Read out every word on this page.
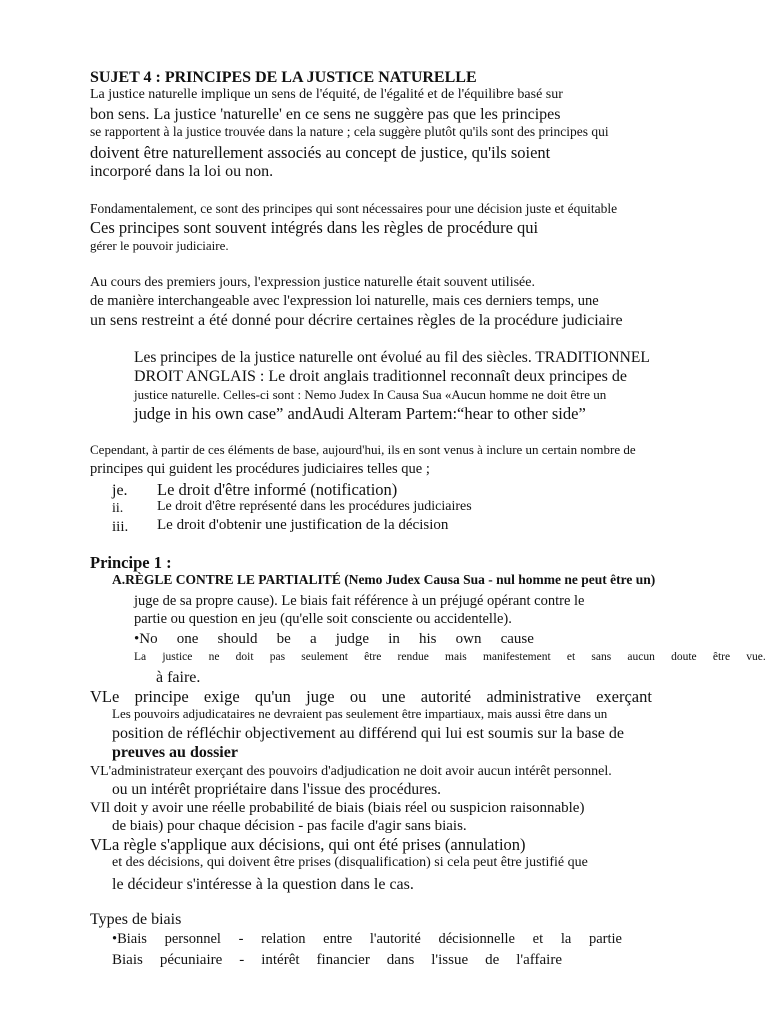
SUJET 4 : PRINCIPES DE LA JUSTICE NATURELLE
La justice naturelle implique un sens de l'équité, de l'égalité et de l'équilibre basé sur
bon sens. La justice 'naturelle' en ce sens ne suggère pas que les principes
se rapportent à la justice trouvée dans la nature ; cela suggère plutôt qu'ils sont des principes qui
doivent être naturellement associés au concept de justice, qu'ils soient
incorporé dans la loi ou non.
Fondamentalement, ce sont des principes qui sont nécessaires pour une décision juste et équitable
Ces principes sont souvent intégrés dans les règles de procédure qui
gérer le pouvoir judiciaire.
Au cours des premiers jours, l'expression justice naturelle était souvent utilisée.
de manière interchangeable avec l'expression loi naturelle, mais ces derniers temps, une
un sens restreint a été donné pour décrire certaines règles de la procédure judiciaire
Les principes de la justice naturelle ont évolué au fil des siècles. TRADITIONNEL
DROIT ANGLAIS : Le droit anglais traditionnel reconnaît deux principes de
justice naturelle. Celles-ci sont : Nemo Judex In Causa Sua «Aucun homme ne doit être un
judge in his own case” andAudi Alteram Partem:“hear to other side”
Cependant, à partir de ces éléments de base, aujourd'hui, ils en sont venus à inclure un certain nombre de
principes qui guident les procédures judiciaires telles que ;
je. Le droit d'être informé (notification)
ii. Le droit d'être représenté dans les procédures judiciaires
iii. Le droit d'obtenir une justification de la décision
Principe 1 :
A.RÈGLE CONTRE LE PARTIALITÉ (Nemo Judex Causa Sua - nul homme ne peut être un)
juge de sa propre cause). Le biais fait référence à un préjugé opérant contre le
partie ou question en jeu (qu'elle soit consciente ou accidentelle).
•No one should be a judge in his own cause
La justice ne doit pas seulement être rendue mais manifestement et sans aucun doute être vue.
à faire.
VLe principe exige qu'un juge ou une autorité administrative exerçant
Les pouvoirs adjudicataires ne devraient pas seulement être impartiaux, mais aussi être dans un
position de réfléchir objectivement au différend qui lui est soumis sur la base de
preuves au dossier
VL'administrateur exerçant des pouvoirs d'adjudication ne doit avoir aucun intérêt personnel.
ou un intérêt propriétaire dans l'issue des procédures.
VIl doit y avoir une réelle probabilité de biais (biais réel ou suspicion raisonnable)
de biais) pour chaque décision - pas facile d'agir sans biais.
VLa règle s'applique aux décisions, qui ont été prises (annulation)
et des décisions, qui doivent être prises (disqualification) si cela peut être justifié que
le décideur s'intéresse à la question dans le cas.
Types de biais
•Biais personnel - relation entre l'autorité décisionnelle et la partie
Biais pécuniaire - intérêt financier dans l'issue de l'affaire
